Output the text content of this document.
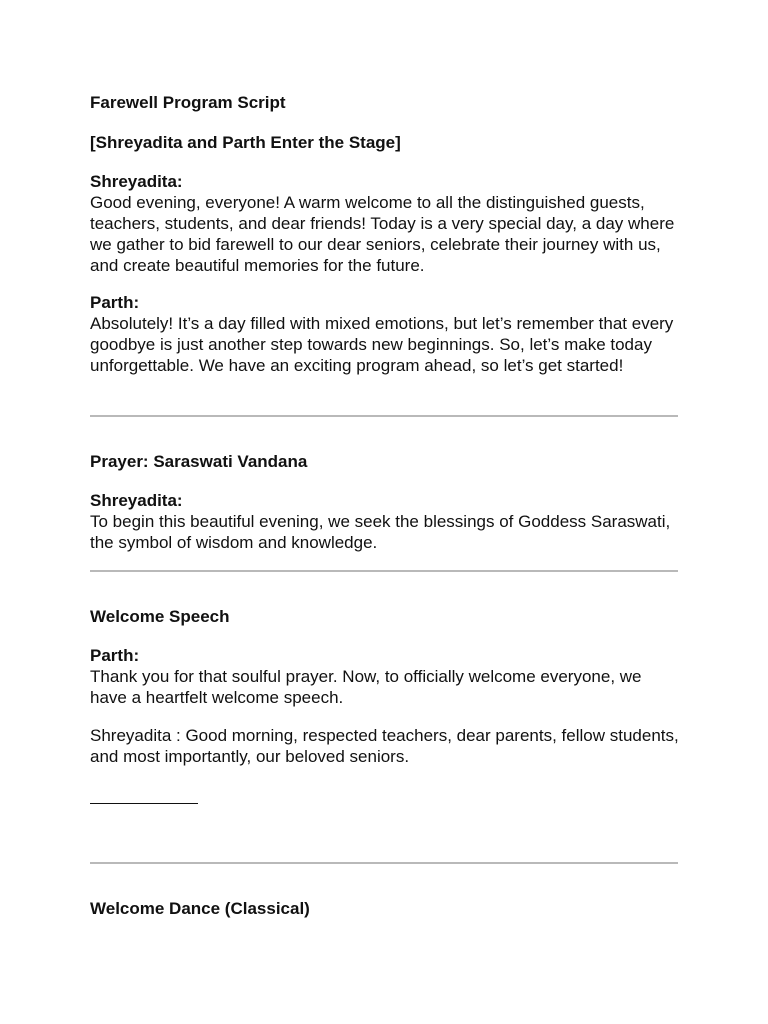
Farewell Program Script

[Shreyadita and Parth Enter the Stage]

Shreyadita:

Good evening, everyone! A warm welcome to all the distinguished guests, teachers, students, and dear friends! Today is a very special day, a day where we gather to bid farewell to our dear seniors, celebrate their journey with us, and create beautiful memories for the future.

Parth:

Absolutely! It’s a day filled with mixed emotions, but let’s remember that every goodbye is just another step towards new beginnings. So, let’s make today unforgettable. We have an exciting program ahead, so let’s get started!

Prayer: Saraswati Vandana

Shreyadita:

To begin this beautiful evening, we seek the blessings of Goddess Saraswati, the symbol of wisdom and knowledge.

Welcome Speech

Parth:

Thank you for that soulful prayer. Now, to officially welcome everyone, we have a heartfelt welcome speech.

Shreyadita : Good morning, respected teachers, dear parents, fellow students, and most importantly, our beloved seniors.

Welcome Dance (Classical)
